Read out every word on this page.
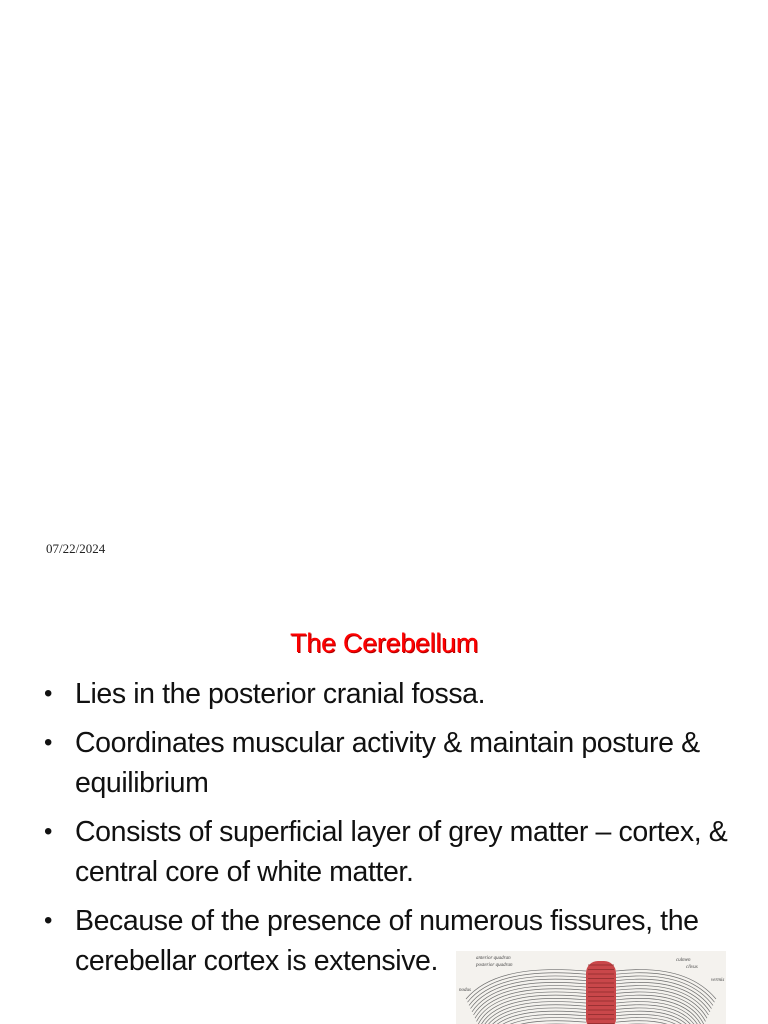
07/22/2024
The Cerebellum
• Lies in the posterior cranial fossa.
• Coordinates muscular activity & maintain posture & equilibrium
• Consists of superficial layer of grey matter – cortex, & central core of white matter.
• Because of the presence of numerous fissures, the cerebellar cortex is extensive.	anterior quadran
posterior quadran
culmen
clivus
nodus
vermis
